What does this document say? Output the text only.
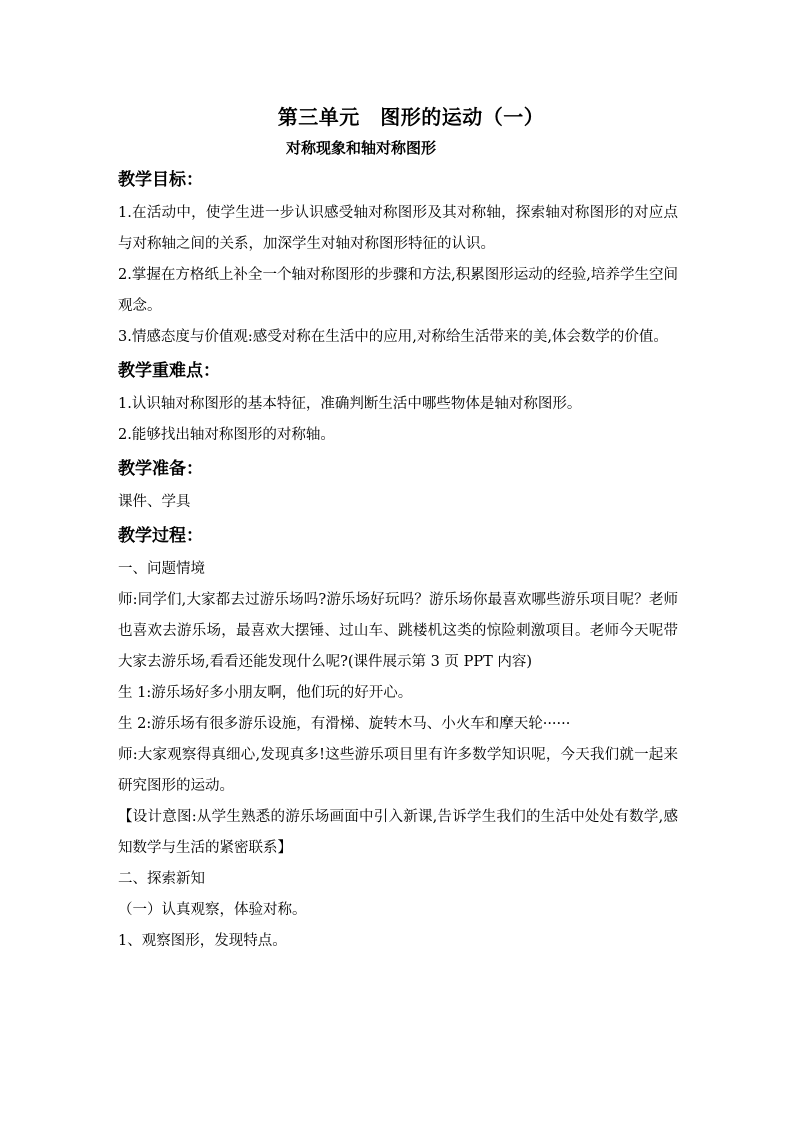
第三单元　图形的运动（一）
对称现象和轴对称图形
教学目标：
1.在活动中，使学生进一步认识感受轴对称图形及其对称轴，探索轴对称图形的对应点与对称轴之间的关系，加深学生对轴对称图形特征的认识。
2.掌握在方格纸上补全一个轴对称图形的步骤和方法,积累图形运动的经验,培养学生空间观念。
3.情感态度与价值观:感受对称在生活中的应用,对称给生活带来的美,体会数学的价值。
教学重难点：
1.认识轴对称图形的基本特征，准确判断生活中哪些物体是轴对称图形。
2.能够找出轴对称图形的对称轴。
教学准备：
课件、学具
教学过程：
一、问题情境
师:同学们,大家都去过游乐场吗?游乐场好玩吗？游乐场你最喜欢哪些游乐项目呢？老师也喜欢去游乐场，最喜欢大摆锤、过山车、跳楼机这类的惊险刺激项目。老师今天呢带大家去游乐场,看看还能发现什么呢?(课件展示第 3 页 PPT 内容)
生 1:游乐场好多小朋友啊，他们玩的好开心。
生 2:游乐场有很多游乐设施，有滑梯、旋转木马、小火车和摩天轮······
师:大家观察得真细心,发现真多!这些游乐项目里有许多数学知识呢，今天我们就一起来研究图形的运动。
【设计意图:从学生熟悉的游乐场画面中引入新课,告诉学生我们的生活中处处有数学,感知数学与生活的紧密联系】
二、探索新知
（一）认真观察，体验对称。
1、观察图形，发现特点。
